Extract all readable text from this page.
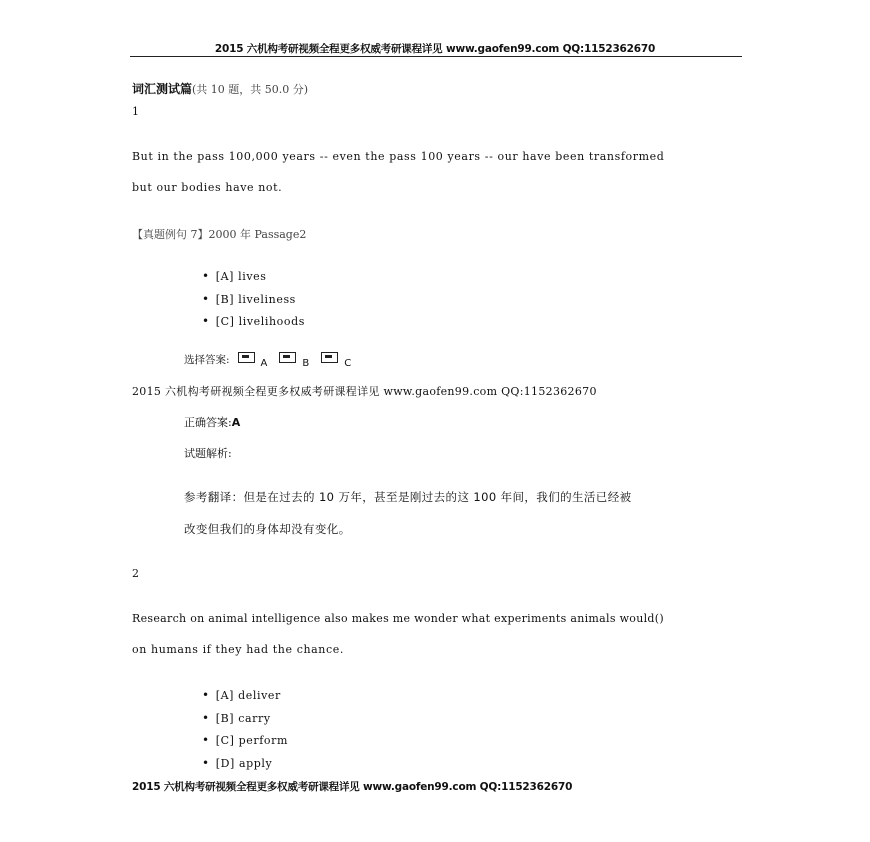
2015 六机构考研视频全程更多权威考研课程详见 www.gaofen99.com QQ:1152362670
词汇测试篇(共 10 题，共 50.0 分)
1
But in the pass 100,000 years -- even the pass 100 years -- our have been transformed
but our bodies have not.
【真题例句 7】2000 年 Passage2
• [A] lives
• [B] liveliness
• [C] livelihoods
选择答案:	A	B	C
2015 六机构考研视频全程更多权威考研课程详见 www.gaofen99.com QQ:1152362670
正确答案:A
试题解析:
参考翻译：但是在过去的 10 万年，甚至是刚过去的这 100 年间，我们的生活已经被
改变但我们的身体却没有变化。
2
Research on animal intelligence also makes me wonder what experiments animals would()
on humans if they had the chance.
• [A] deliver
• [B] carry
• [C] perform
• [D] apply
2015 六机构考研视频全程更多权威考研课程详见 www.gaofen99.com QQ:1152362670
